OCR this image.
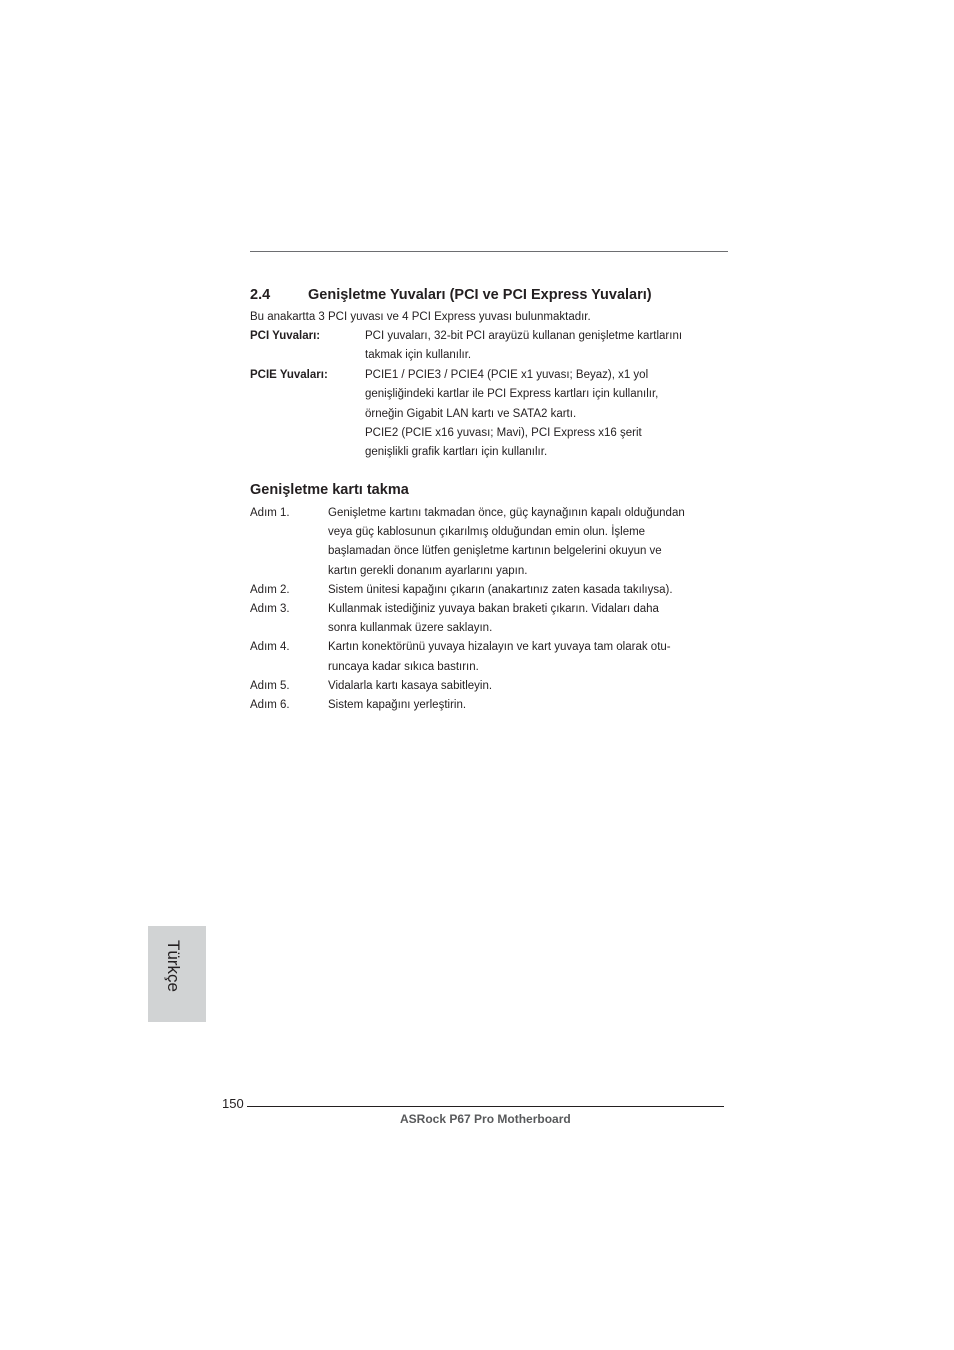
2.4	Genişletme Yuvaları (PCI ve PCI Express Yuvaları)
Bu anakartta 3 PCI yuvası ve 4 PCI Express yuvası bulunmaktadır.
PCI Yuvaları:	PCI yuvaları, 32-bit PCI arayüzü kullanan genişletme kartlarını
takmak için kullanılır.
PCIE Yuvaları:	PCIE1 / PCIE3 / PCIE4 (PCIE x1 yuvası; Beyaz), x1 yol
genişliğindeki kartlar ile PCI Express kartları için kullanılır,
örneğin Gigabit LAN kartı ve SATA2 kartı.
PCIE2 (PCIE x16 yuvası; Mavi), PCI Express x16 şerit
genişlikli grafik kartları için kullanılır.
Genişletme kartı takma
Adım 1.	Genişletme kartını takmadan önce, güç kaynağının kapalı olduğundan
veya güç kablosunun çıkarılmış olduğundan emin olun. İşleme
başlamadan önce lütfen genişletme kartının belgelerini okuyun ve
kartın gerekli donanım ayarlarını yapın.
Adım 2.	Sistem ünitesi kapağını çıkarın (anakartınız zaten kasada takılıysa).
Adım 3.	Kullanmak istediğiniz yuvaya bakan braketi çıkarın. Vidaları daha
sonra kullanmak üzere saklayın.
Adım 4.	Kartın konektörünü yuvaya hizalayın ve kart yuvaya tam olarak otu-
runcaya kadar sıkıca bastırın.
Adım 5.	Vidalarla kartı kasaya sabitleyin.
Adım 6.	Sistem kapağını yerleştirin.
Türkçe
150
ASRock P67 Pro Motherboard
